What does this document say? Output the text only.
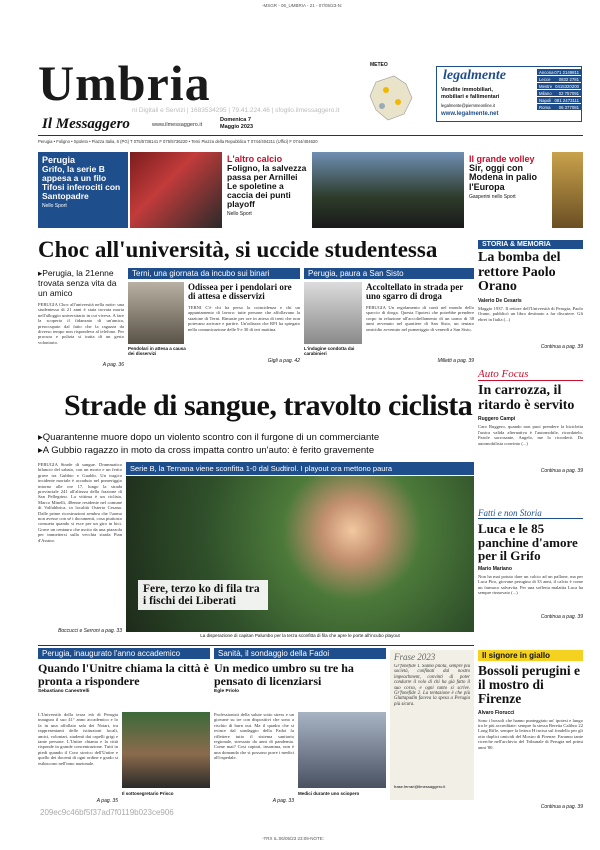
-MSGR - 06_UMBRIA - 21 - 07/05/23-N:
Umbria
Il Messaggero	www.ilmessaggero.it
Domenica 7
Maggio 2023
ni Digitali e Servizi | 1683534295 | 79.41.224.46 | sfoglio.ilmessaggero.it
METEO
legalmente
Vendite immobiliari,
mobiliari e fallimentari
legalmente@piemmeonline.it
www.legalmente.net
Ancona 071 2149811
Lecce 0832 2781
Mestre 0415320200
Milano 02 757091
Napoli 081 2473111
Roma 06 377081
Perugia • Foligno • Spoleto • Piazza Italia, 6 (PG) T 075/5736141 F 075/5736220 • Terni Piazza della Repubblica T 0744/404211 (Uffici) F 0744/404620
Perugia
Grifo, la serie B appesa a un filo Tifosi inferociti con Santopadre
Nello Sport
L'altro calcio
Foligno, la salvezza passa per Arnillei Le spoletine a caccia dei punti playoff
Nello Sport
Il grande volley
Sir, oggi con Modena in palio l'Europa
Gasperini nello Sport
Choc all'università, si uccide studentessa	STORIA & MEMORIA
La bomba del rettore Paolo Orano
Valerio De Cesaris
Maggio 1937. Il rettore dell'Università di Perugia, Paolo Orano, pubblicò un libro destinato a far discutere. Gli ebrei in Italia (...)
Continua a pag. 39
▸Perugia, la 21enne trovata senza vita da un amico
PERUGIA Choc all'università nella notte: una studentessa di 21 anni è stata trovata morta nell'alloggio universitario in cui viveva. A fare la scoperta il fidanzato di un'amica, preoccupato dal fatto che la ragazza da diverso tempo non rispondeva al telefono. Per procura e polizia si tratta di un gesto volontario.
A pag. 36
Terni, una giornata da incubo sui binari
Pendolari in attesa a causa dei disservizi
Odissea per i pendolari ore di attesa e disservizi
TERNI C'è chi ha perso la coincidenza e chi un appuntamento di lavoro: tutte persone che affollavano la stazione di Terni. Rimaste per ore in attesa di treni che non potevano arrivare e partire. Un'odissea che RFI ha spiegato nella comunicazione delle 9 e 30 di ieri mattina.
Gigli a pag. 42
Perugia, paura a San Sisto
L'indagine condotta dai carabinieri
Accoltellato in strada per uno sgarro di droga
PERUGIA Un regolamento di conti nel mondo dello spaccio di droga. Questa l'ipotesi che potrebbe prendere corpo in relazione all'accoltellamento di un uomo di 38 anni avvenuto nel quartiere di San Sisto, un tentato omicidio avvenuto nel pomeriggio di venerdì a San Sisto.
Milletti a pag. 39
Auto Focus
In carrozza, il ritardo è servito
Ruggero Campi
Caro Ruggero, quando non puoi prendere la bicicletta l'unica valida alternativa è l'automobile, ricordatelo. Parole sacrosante, Angelo, me lo ricorderò. Da automobilista convinto (...)
Continua a pag. 39
Strade di sangue, travolto ciclista
▸Quarantenne muore dopo un violento scontro con il furgone di un commerciante
▸A Gubbio ragazzo in moto da cross impatta contro un'auto: è ferito gravemente
PERUGIA Strade di sangue. Drammatico bilancio del sabato, con un morto e un ferito grave tra Gubbio e Gualdo. Un tragico incidente mortale è accaduto nel pomeriggio intorno alle ore 17, lungo la strada provinciale 241 all'altezza della frazione di San Pellegrino. La vittima è un ciclista, Marco Minelli, 40enne residente nel comune di Valfabbrica, in località Osteria Cesana. Dalle prime ricostruzioni sembra che l'uomo non avesse con sé i documenti, cosa piuttosto consueta quando si esce per un giro in bici. Grave un centauro che uscito da una piazzola per immettersi sulla vecchia strada Pian d'Assino.
Boccucci e Serroni a pag. 33
Serie B, la Ternana viene sconfitta 1-0 dal Sudtirol. I playout ora mettono paura
Fere, terzo ko di fila tra i fischi dei Liberati
La disperazione di capitan Palumbo per la terza sconfitta di fila che apre le porte all'incubo playout
Fatti e non Storia
Luca e le 85 panchine d'amore per il Grifo
Mario Mariano
Non ha mai potuto dare un calcio ad un pallone, ma per Luca Piro, giovane perugino di 33 anni, il calcio è come un farmaco salvavita. Per una sofferta malattia Luca ha sempre rinnovato (...)
Continua a pag. 39
Perugia, inaugurato l'anno accademico
Quando l'Unitre chiama la città è pronta a rispondere
Sebastiano Canestrelli
L'Università della terza età di Perugia inaugura il suo 41° anno accademico e lo fa in una affollata sala dei Notari, tra rappresentanti delle istituzioni locali, amici, volontari, studenti dai capelli grigi e tante persone. L'Unitre chiama e la città risponde in grande concentrazione. Tutti in piedi quando il Coro storico dell'Unitre e quello dei docenti di ogni ordine e grado si esibiscono nell'inno nazionale.
Il sottosegretario Prisco
A pag. 35
Sanità, il sondaggio della Fadoi
Un medico umbro su tre ha pensato di licenziarsi
Egle Priolo
Professionisti della salute sotto stress e un giovane su tre con dispositivi che sono a rischio di burn out. Ma il quadro che si evince dal sondaggio della Fadoi fa riflettere tutto il sistema sanitario regionale, stressato da anni di pandemia. Come mai? Cosi capirai, insomma, non è una domanda che si possono porre i medici all'ospedale.
Medici durante uno sciopero
A pag. 33
Frase 2023
Gr'fonefide 1. Siamo pilota, sempre più società, confinati dal nostro impeachment, convinti di poter condurre il volo di chi ha già fatto il suo corso, e ogni tanto si scrive. Gr'fonefide 2. La tentazione è che più Gluttapadin faceva la spesa a Perugia più sicura.
frase.ferrari@ilmessaggero.it
Il signore in giallo
Bossoli perugini e il mostro di Firenze
Alvaro Fiorucci
Sono i bossoli che hanno punteggiato un' ipotesi e lungo tra le più accreditate: sempre la stessa Beretta Calibro 22 Long Rifle, sempre la lettera H incisa sul fondello per gli otto duplici omicidi del Mostro di Firenze. Faranno tante ricerche nell'archivio del Tribunale di Perugia nel primi anni '80.
Continua a pag. 39
209ec9c46bf5f37ad7f0119b023ce906
-TRX IL:06/05/23 23:09-NOTE:
